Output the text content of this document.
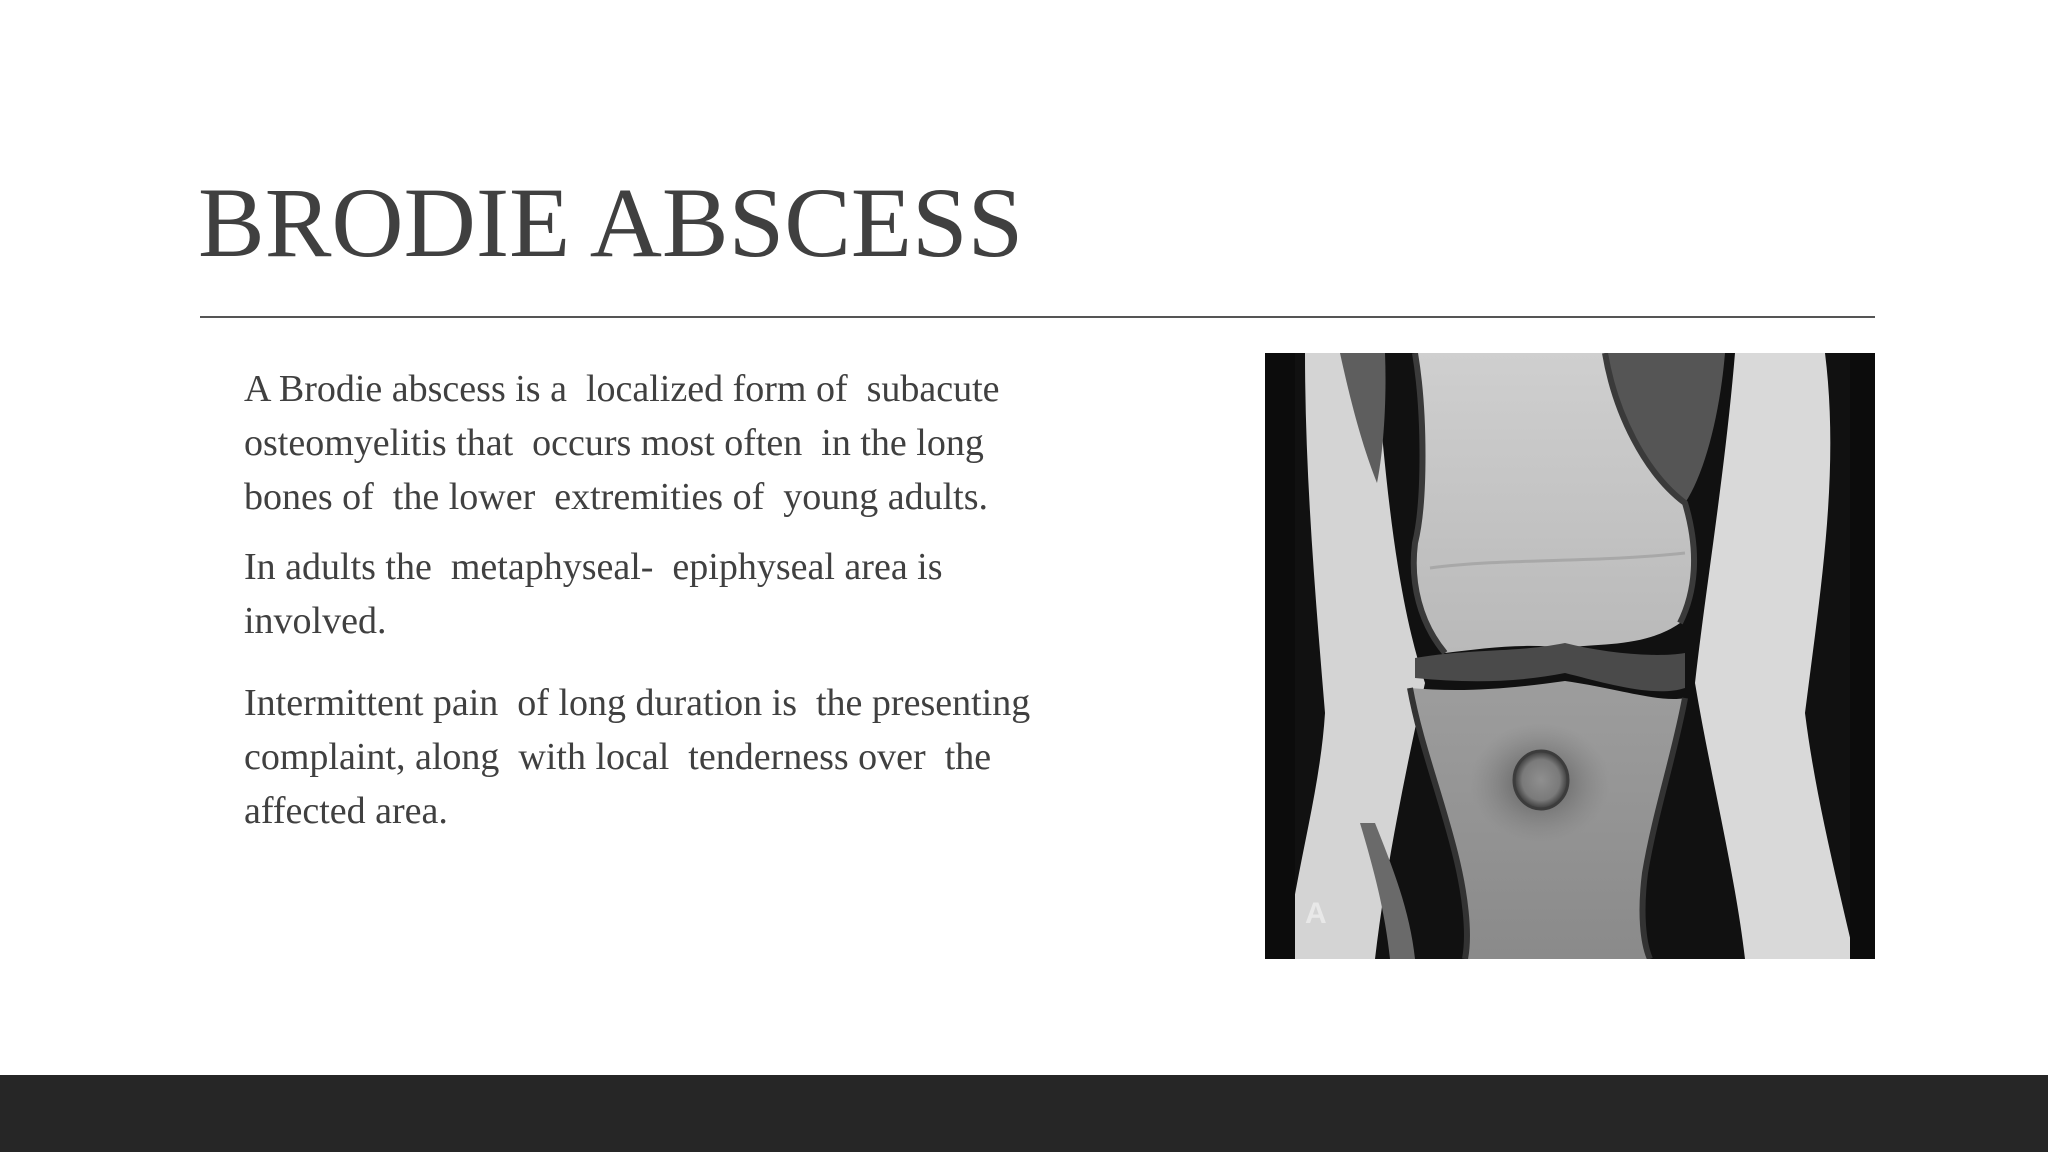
BRODIE ABSCESS

A Brodie abscess is a  localized form of  subacute
osteomyelitis that  occurs most often  in the long
bones of  the lower  extremities of  young adults.

In adults the  metaphyseal-  epiphyseal area is
involved.

Intermittent pain  of long duration is  the presenting
complaint, along  with local  tenderness over  the
affected area.

A
